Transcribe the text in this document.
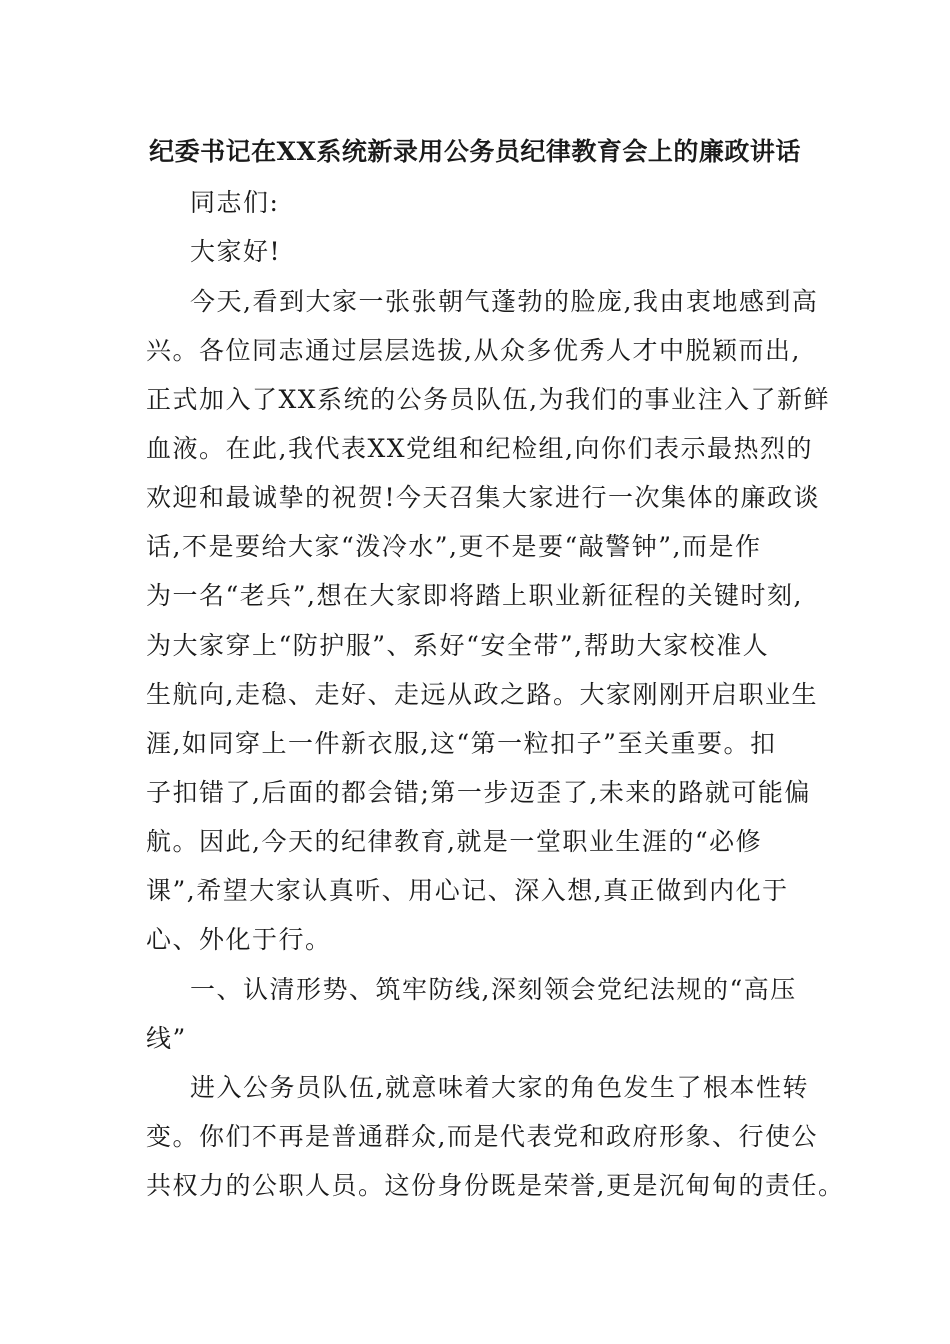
纪委书记在XX系统新录用公务员纪律教育会上的廉政讲话
同志们:
大家好!
今天,看到大家一张张朝气蓬勃的脸庞,我由衷地感到高
兴。各位同志通过层层选拔,从众多优秀人才中脱颖而出,
正式加入了XX系统的公务员队伍,为我们的事业注入了新鲜
血液。在此,我代表XX党组和纪检组,向你们表示最热烈的
欢迎和最诚挚的祝贺!今天召集大家进行一次集体的廉政谈
话,不是要给大家“泼冷水”,更不是要“敲警钟”,而是作
为一名“老兵”,想在大家即将踏上职业新征程的关键时刻,
为大家穿上“防护服”、系好“安全带”,帮助大家校准人
生航向,走稳、走好、走远从政之路。大家刚刚开启职业生
涯,如同穿上一件新衣服,这“第一粒扣子”至关重要。扣
子扣错了,后面的都会错;第一步迈歪了,未来的路就可能偏
航。因此,今天的纪律教育,就是一堂职业生涯的“必修
课”,希望大家认真听、用心记、深入想,真正做到内化于
心、外化于行。
一、认清形势、筑牢防线,深刻领会党纪法规的“高压
线”
进入公务员队伍,就意味着大家的角色发生了根本性转
变。你们不再是普通群众,而是代表党和政府形象、行使公
共权力的公职人员。这份身份既是荣誉,更是沉甸甸的责任。
